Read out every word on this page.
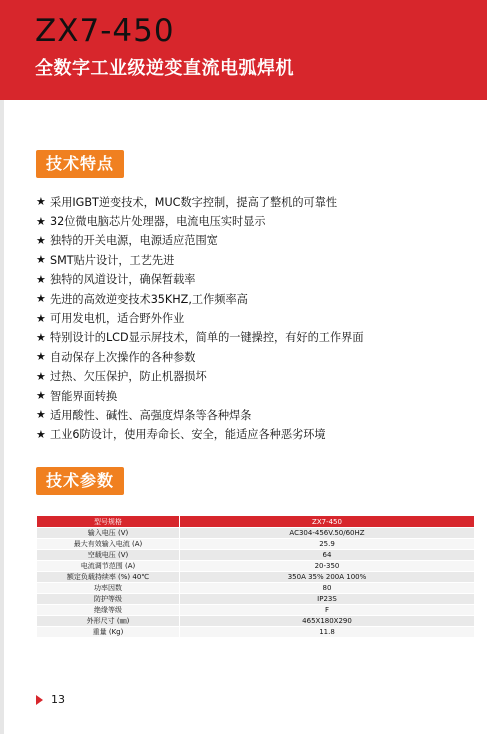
ZX7-450
全数字工业级逆变直流电弧焊机
技术特点
★ 采用IGBT逆变技术，MUC数字控制，提高了整机的可靠性
★ 32位微电脑芯片处理器，电流电压实时显示
★ 独特的开关电源，电源适应范围宽
★ SMT贴片设计，工艺先进
★ 独特的风道设计，确保暂载率
★ 先进的高效逆变技术35KHZ,工作频率高
★ 可用发电机，适合野外作业
★ 特别设计的LCD显示屏技术，简单的一键操控，有好的工作界面
★ 自动保存上次操作的各种参数
★ 过热、欠压保护，防止机器损坏
★ 智能界面转换
★ 适用酸性、碱性、高强度焊条等各种焊条
★ 工业6防设计，使用寿命长、安全，能适应各种恶劣环境
技术参数
型号规格	ZX7-450
输入电压 (V)	AC304-456V.50/60HZ
最大有效输入电流 (A)	25.9
空载电压 (V)	64
电流调节范围 (A)	20-350
额定负载持续率 (%) 40℃	350A 35% 200A 100%
功率因数	80
防护等级	IP23S
绝缘等级	F
外形尺寸 (㎜)	465X180X290
重量 (Kg)	11.8
13
